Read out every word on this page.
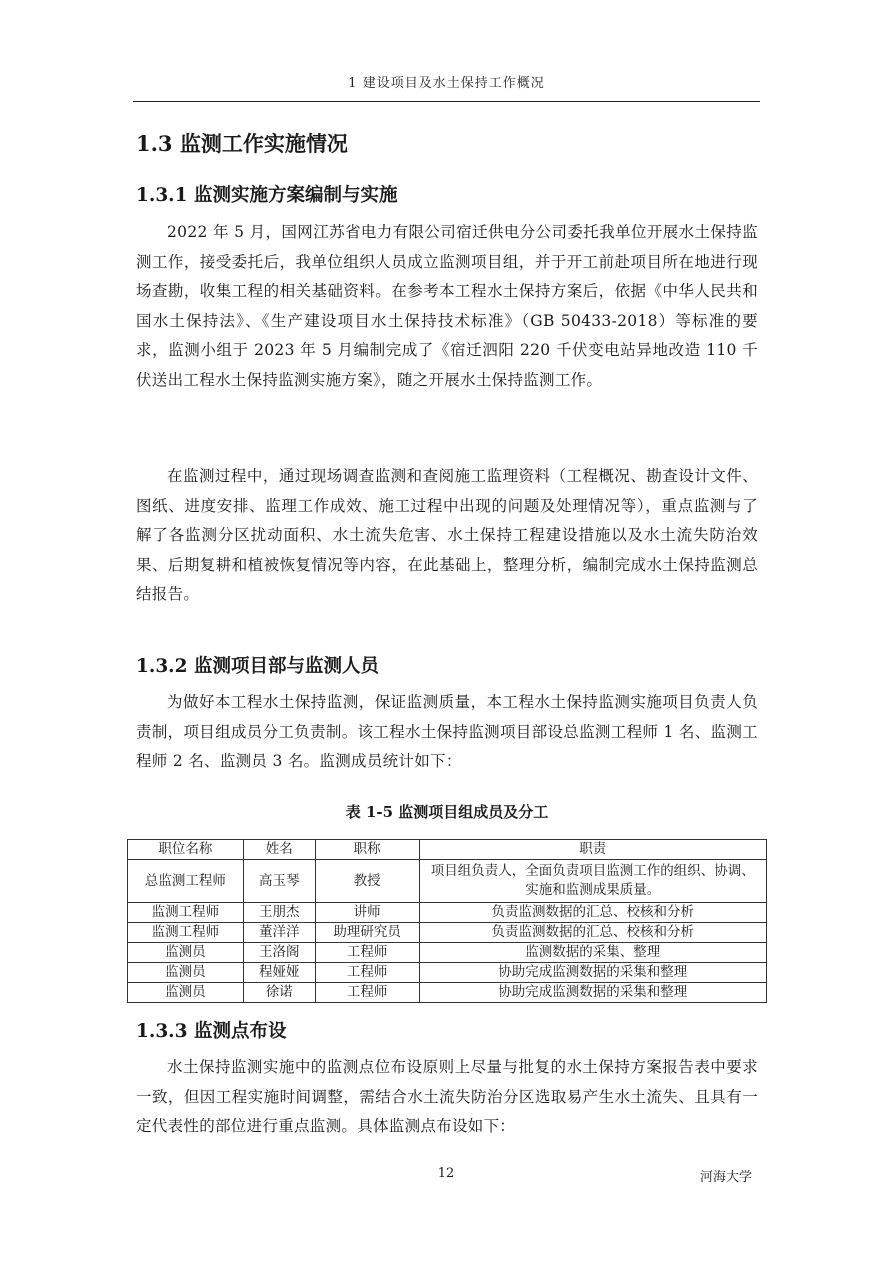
1 建设项目及水土保持工作概况
1.3 监测工作实施情况
1.3.1 监测实施方案编制与实施
2022 年 5 月，国网江苏省电力有限公司宿迁供电分公司委托我单位开展水土保持监测工作，接受委托后，我单位组织人员成立监测项目组，并于开工前赴项目所在地进行现场查勘，收集工程的相关基础资料。在参考本工程水土保持方案后，依据《中华人民共和国水土保持法》、《生产建设项目水土保持技术标准》（GB 50433-2018）等标准的要求，监测小组于 2023 年 5 月编制完成了《宿迁泗阳 220 千伏变电站异地改造 110 千伏送出工程水土保持监测实施方案》，随之开展水土保持监测工作。
在监测过程中，通过现场调查监测和查阅施工监理资料（工程概况、勘查设计文件、图纸、进度安排、监理工作成效、施工过程中出现的问题及处理情况等），重点监测与了解了各监测分区扰动面积、水土流失危害、水土保持工程建设措施以及水土流失防治效果、后期复耕和植被恢复情况等内容，在此基础上，整理分析，编制完成水土保持监测总结报告。
1.3.2 监测项目部与监测人员
为做好本工程水土保持监测，保证监测质量，本工程水土保持监测实施项目负责人负责制，项目组成员分工负责制。该工程水土保持监测项目部设总监测工程师 1 名、监测工程师 2 名、监测员 3 名。监测成员统计如下：
表 1-5 监测项目组成员及分工
职位名称	姓名	职称	职责
总监测工程师	高玉琴	教授	项目组负责人，全面负责项目监测工作的组织、协调、实施和监测成果质量。
监测工程师	王朋杰	讲师	负责监测数据的汇总、校核和分析
监测工程师	董洋洋	助理研究员	负责监测数据的汇总、校核和分析
监测员	王洛阁	工程师	监测数据的采集、整理
监测员	程娅娅	工程师	协助完成监测数据的采集和整理
监测员	徐诺	工程师	协助完成监测数据的采集和整理
1.3.3 监测点布设
水土保持监测实施中的监测点位布设原则上尽量与批复的水土保持方案报告表中要求一致，但因工程实施时间调整，需结合水土流失防治分区选取易产生水土流失、且具有一定代表性的部位进行重点监测。具体监测点布设如下：
12	河海大学
